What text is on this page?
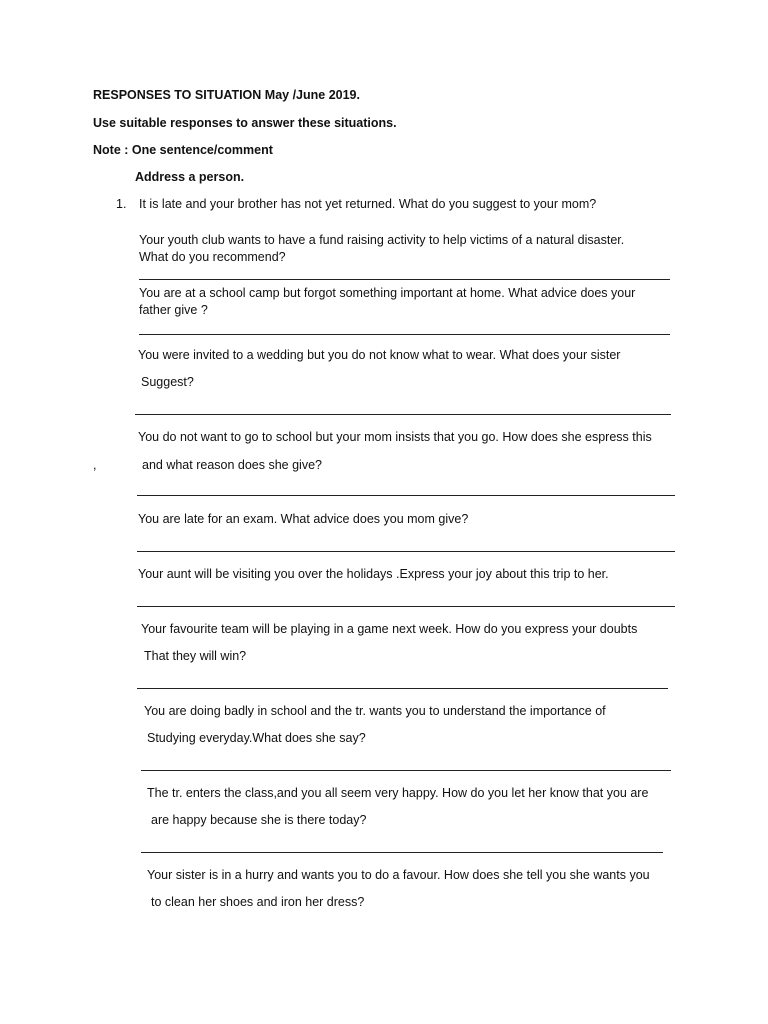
RESPONSES TO SITUATION May /June 2019.
Use suitable responses to answer these situations.
Note : One sentence/comment
Address a person.
1. It is late and your brother has not yet returned. What do you suggest to your mom?
Your youth club wants to have a fund raising activity to help victims of a natural disaster.
What do you recommend?
You are at a school camp but forgot something important at home. What advice does your
father give ?
You were invited to a wedding but you do not know what to wear. What does your sister
Suggest?
You do not want to go to school but your mom insists that you go. How does she espress this
,	and what reason does she give?
You are late for an exam. What advice does you mom give?
Your aunt will be visiting you over the holidays .Express your joy about this trip to her.
Your favourite team will be playing in a game next week. How do you express your doubts
That they will win?
You are doing badly in school and the tr. wants you to understand the importance of
Studying everyday.What does she say?
The tr. enters the class,and you all seem very happy. How do you let her know that you are
are happy because she is there today?
Your sister is in a hurry and wants you to do a favour. How does she tell you she wants you
to clean her shoes and iron her dress?
